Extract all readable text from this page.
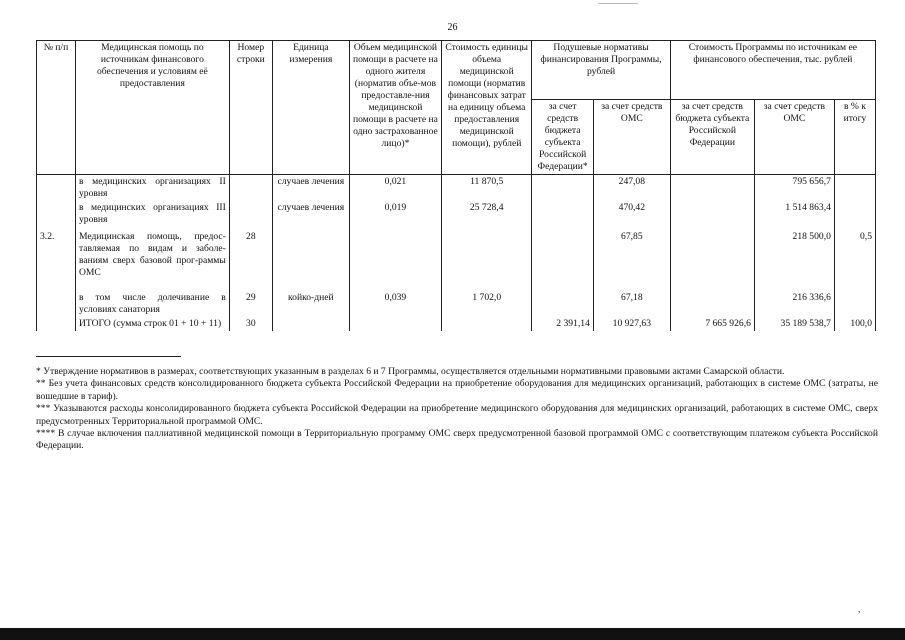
26
№ п/п	Медицинская помощь по источникам финансового обеспечения и условиям её предоставления	Номер строки	Единица измерения	Объем медицинской помощи в расчете на одного жителя (норматив объе-мов предоставле-ния медицинской помощи в расчете на одно застрахованное лицо)*	Стоимость единицы объема медицинской помощи (норматив финансовых затрат на единицу объема предоставления медицинской помощи), рублей	Подушевые нормативы финансирования Программы, рублей		Стоимость Программы по источникам ее финансового обеспечения, тыс. рублей		
						за счет средств бюджета субъекта Российской Федерации*	за счет средств ОМС	за счет средств бюджета субъекта Российской Федерации	за счет средств ОМС	в % к итогу
	в медицинских организациях II уровня		случаев лечения	0,021	11 870,5		247,08		795 656,7	
	в медицинских организациях III уровня		случаев лечения	0,019	25 728,4		470,42		1 514 863,4	
3.2.	Медицинская помощь, предос-тавляемая по видам и заболе-ваниям сверх базовой прог-раммы ОМС	28					67,85		218 500,0	0,5
	в том числе долечивание в условиях санатория	29	койко-дней	0,039	1 702,0		67,18		216 336,6	
	ИТОГО (сумма строк 01 + 10 + 11)	30				2 391,14	10 927,63	7 665 926,6	35 189 538,7	100,0

* Утверждение нормативов в размерах, соответствующих указанным в разделах 6 и 7 Программы, осуществляется отдельными нормативными правовыми актами Самарской области.

** Без учета финансовых средств консолидированного бюджета субъекта Российской Федерации на приобретение оборудования для медицинских организаций, работающих в системе ОМС (затраты, не вошедшие в тариф).

*** Указываются расходы консолидированного бюджета субъекта Российской Федерации на приобретение медицинского оборудования для медицинских организаций, работающих в системе ОМС, сверх предусмотренных Территориальной программой ОМС.

**** В случае включения паллиативной медицинской помощи в Территориальную программу ОМС сверх предусмотренной базовой программой ОМС с соответствующим платежом субъекта Российской Федерации.

,
